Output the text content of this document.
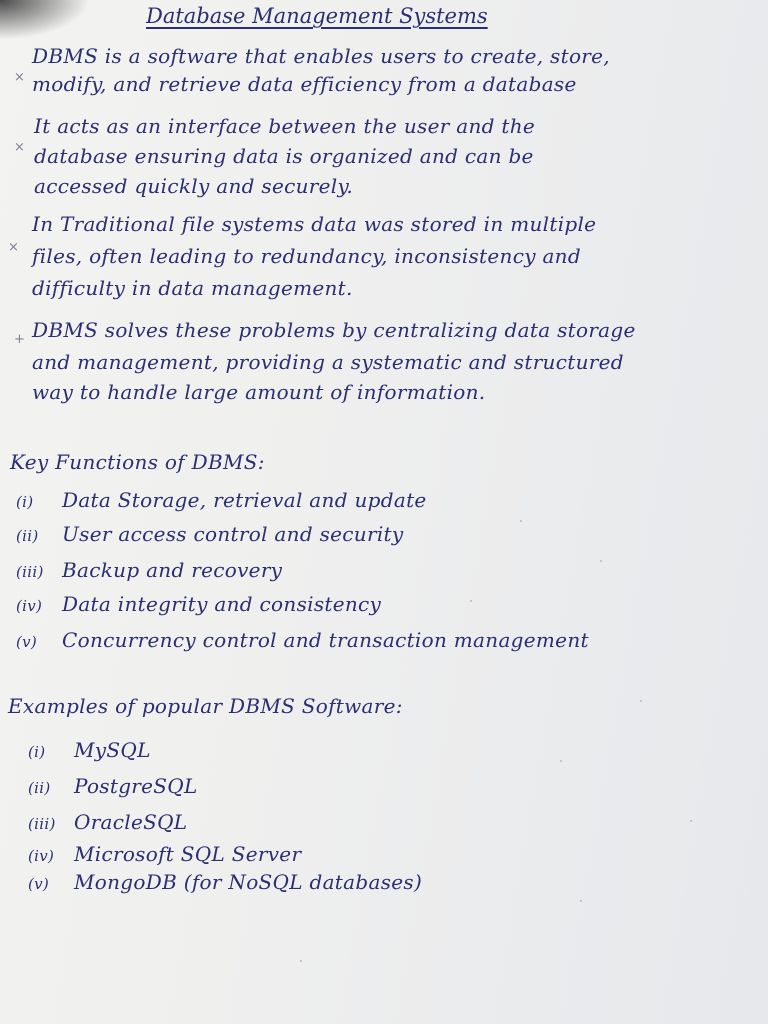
Database Management Systems
×
DBMS is a software that enables users to create, store,
modify, and retrieve data efficiency from a database
×
It acts as an interface between the user and the
database ensuring data is organized and can be
accessed quickly and securely.
×
In Traditional file systems data was stored in multiple
files, often leading to redundancy, inconsistency and
difficulty in data management.
+ DBMS solves these problems by centralizing data storage
and management, providing a systematic and structured
way to handle large amount of information.
Key Functions of DBMS:
(i) Data Storage, retrieval and update
(ii) User access control and security
(iii) Backup and recovery
(iv) Data integrity and consistency
(v) Concurrency control and transaction management
Examples of popular DBMS Software:
(i) MySQL
(ii) PostgreSQL
(iii) OracleSQL
(iv) Microsoft SQL Server
(v) MongoDB (for NoSQL databases)
